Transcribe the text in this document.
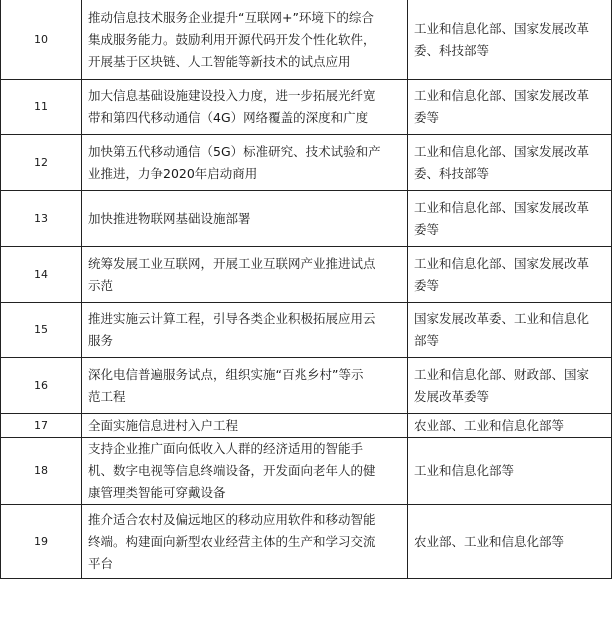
10	推动信息技术服务企业提升“互联网+”环境下的综合
集成服务能力。鼓励利用开源代码开发个性化软件，
开展基于区块链、人工智能等新技术的试点应用	工业和信息化部、国家发展改革
委、科技部等

11	加大信息基础设施建设投入力度，进一步拓展光纤宽
带和第四代移动通信（4G）网络覆盖的深度和广度	工业和信息化部、国家发展改革
委等

12	加快第五代移动通信（5G）标准研究、技术试验和产
业推进，力争2020年启动商用	工业和信息化部、国家发展改革
委、科技部等

13	加快推进物联网基础设施部署	工业和信息化部、国家发展改革
委等

14	统筹发展工业互联网，开展工业互联网产业推进试点
示范	工业和信息化部、国家发展改革
委等

15	推进实施云计算工程，引导各类企业积极拓展应用云
服务	国家发展改革委、工业和信息化
部等

16	深化电信普遍服务试点，组织实施“百兆乡村”等示
范工程	工业和信息化部、财政部、国家
发展改革委等

17	全面实施信息进村入户工程	农业部、工业和信息化部等

18	支持企业推广面向低收入人群的经济适用的智能手
机、数字电视等信息终端设备，开发面向老年人的健
康管理类智能可穿戴设备	工业和信息化部等

19	推介适合农村及偏远地区的移动应用软件和移动智能
终端。构建面向新型农业经营主体的生产和学习交流
平台	农业部、工业和信息化部等
